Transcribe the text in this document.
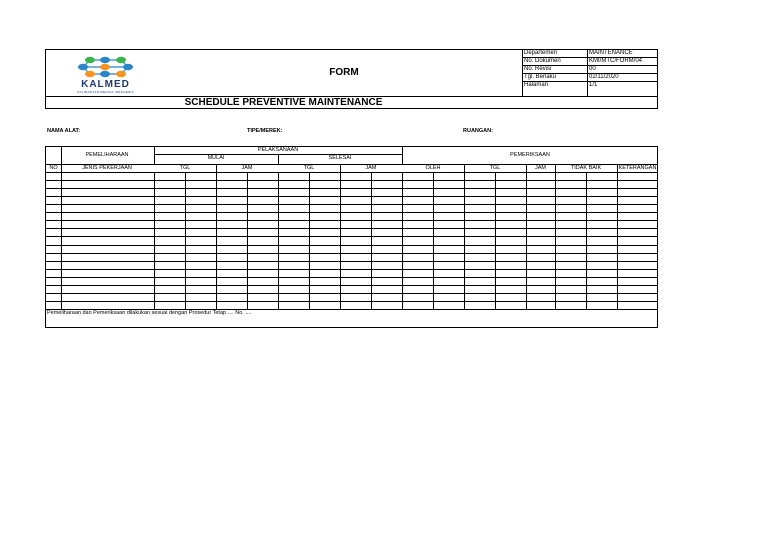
KALMED
KALIMANTAN MEDIKA INDONESIA
FORM
SCHEDULE PREVENTIVE MAINTENANCE
Departemen	MAINTENANCE
No. Dokumen	KMI/MTC/FORM/04
No. Revisi	00
Tgl. Berlaku	02/11/2020
Halaman	1/1
NAMA ALAT:	TIPE/MEREK:	RUANGAN:
PEMELIHARAAN
PELAKSANAAN
MULAI	SELESAI	PEMERIKSAAN
NO	JENIS PEKERJAAN	TGL	JAM	TGL	JAM	OLEH	TGL	JAM	TIDAK BAIK	KETERANGAN
Pemeliharaan dan Pemeriksaan dilakukan sesuai dengan Prosedur Tetap .... No. ....
